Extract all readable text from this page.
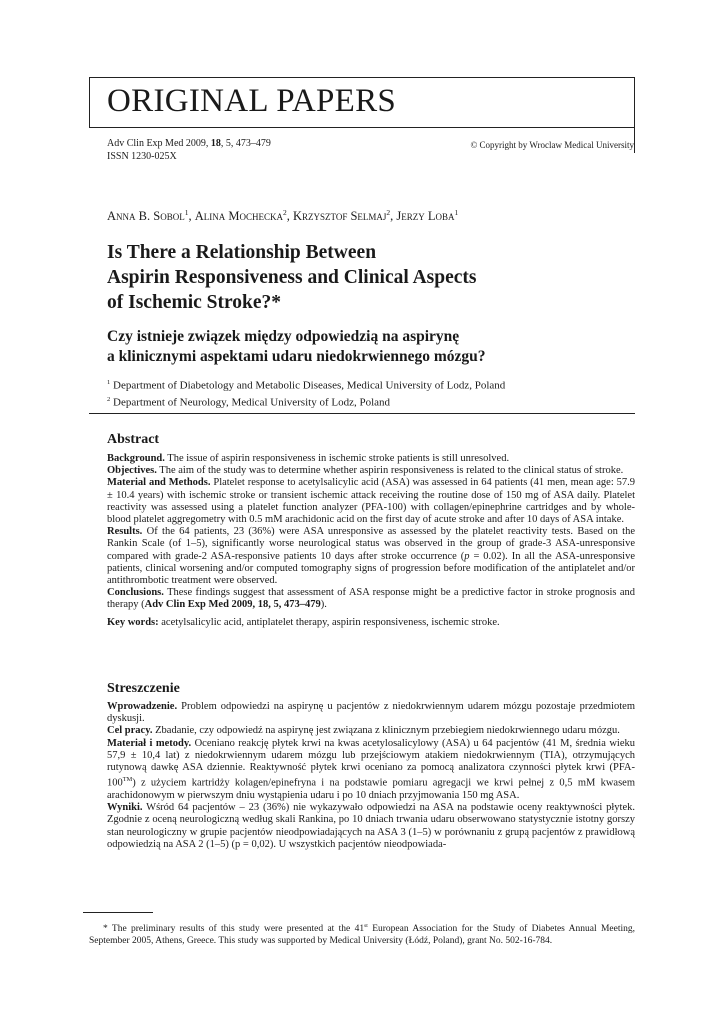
ORIGINAL PAPERS
Adv Clin Exp Med 2009, 18, 5, 473–479
ISSN 1230-025X
© Copyright by Wroclaw Medical University
Anna B. Sobol$^1$, Alina Mochecka$^2$, Krzysztof Selmaj$^2$, Jerzy Loba$^1$
Is There a Relationship Between
Aspirin Responsiveness and Clinical Aspects
of Ischemic Stroke?*
Czy istnieje związek między odpowiedzią na aspirynę
a klinicznymi aspektami udaru niedokrwiennego mózgu?
$^1$ Department of Diabetology and Metabolic Diseases, Medical University of Lodz, Poland
$^2$ Department of Neurology, Medical University of Lodz, Poland
Abstract

Background. The issue of aspirin responsiveness in ischemic stroke patients is still unresolved.

Objectives. The aim of the study was to determine whether aspirin responsiveness is related to the clinical status of stroke.

Material and Methods. Platelet response to acetylsalicylic acid (ASA) was assessed in 64 patients (41 men, mean age: 57.9 ± 10.4 years) with ischemic stroke or transient ischemic attack receiving the routine dose of 150 mg of ASA daily. Platelet reactivity was assessed using a platelet function analyzer (PFA-100) with collagen/epinephrine cartridges and by whole-blood platelet aggregometry with 0.5 mM arachidonic acid on the first day of acute stroke and after 10 days of ASA intake.

Results. Of the 64 patients, 23 (36%) were ASA unresponsive as assessed by the platelet reactivity tests. Based on the Rankin Scale (of 1–5), significantly worse neurological status was observed in the group of grade-3 ASA-unresponsive compared with grade-2 ASA-responsive patients 10 days after stroke occurrence (p = 0.02). In all the ASA-unresponsive patients, clinical worsening and/or computed tomography signs of progression before modification of the antiplatelet and/or antithrombotic treatment were observed.

Conclusions. These findings suggest that assessment of ASA response might be a predictive factor in stroke prognosis and therapy (Adv Clin Exp Med 2009, 18, 5, 473–479).

Key words: acetylsalicylic acid, antiplatelet therapy, aspirin responsiveness, ischemic stroke.

Streszczenie

Wprowadzenie. Problem odpowiedzi na aspirynę u pacjentów z niedokrwiennym udarem mózgu pozostaje przedmiotem dyskusji.

Cel pracy. Zbadanie, czy odpowiedź na aspirynę jest związana z klinicznym przebiegiem niedokrwiennego udaru mózgu.

Materiał i metody. Oceniano reakcję płytek krwi na kwas acetylosalicylowy (ASA) u 64 pacjentów (41 M, średnia wieku 57,9 ± 10,4 lat) z niedokrwiennym udarem mózgu lub przejściowym atakiem niedokrwiennym (TIA), otrzymujących rutynową dawkę ASA dziennie. Reaktywność płytek krwi oceniano za pomocą analizatora czynności płytek krwi (PFA-100™) z użyciem kartridży kolagen/epinefryna i na podstawie pomiaru agregacji we krwi pełnej z 0,5 mM kwasem arachidonowym w pierwszym dniu wystąpienia udaru i po 10 dniach przyjmowania 150 mg ASA.

Wyniki. Wśród 64 pacjentów – 23 (36%) nie wykazywało odpowiedzi na ASA na podstawie oceny reaktywności płytek. Zgodnie z oceną neurologiczną według skali Rankina, po 10 dniach trwania udaru obserwowano statystycznie istotny gorszy stan neurologiczny w grupie pacjentów nieodpowiadających na ASA 3 (1–5) w porównaniu z grupą pacjentów z prawidłową odpowiedzią na ASA 2 (1–5) (p = 0,02). U wszystkich pacjentów nieodpowiada-

* The preliminary results of this study were presented at the 41st European Association for the Study of Diabetes Annual Meeting, September 2005, Athens, Greece. This study was supported by Medical University (Łódź, Poland), grant No. 502-16-784.
